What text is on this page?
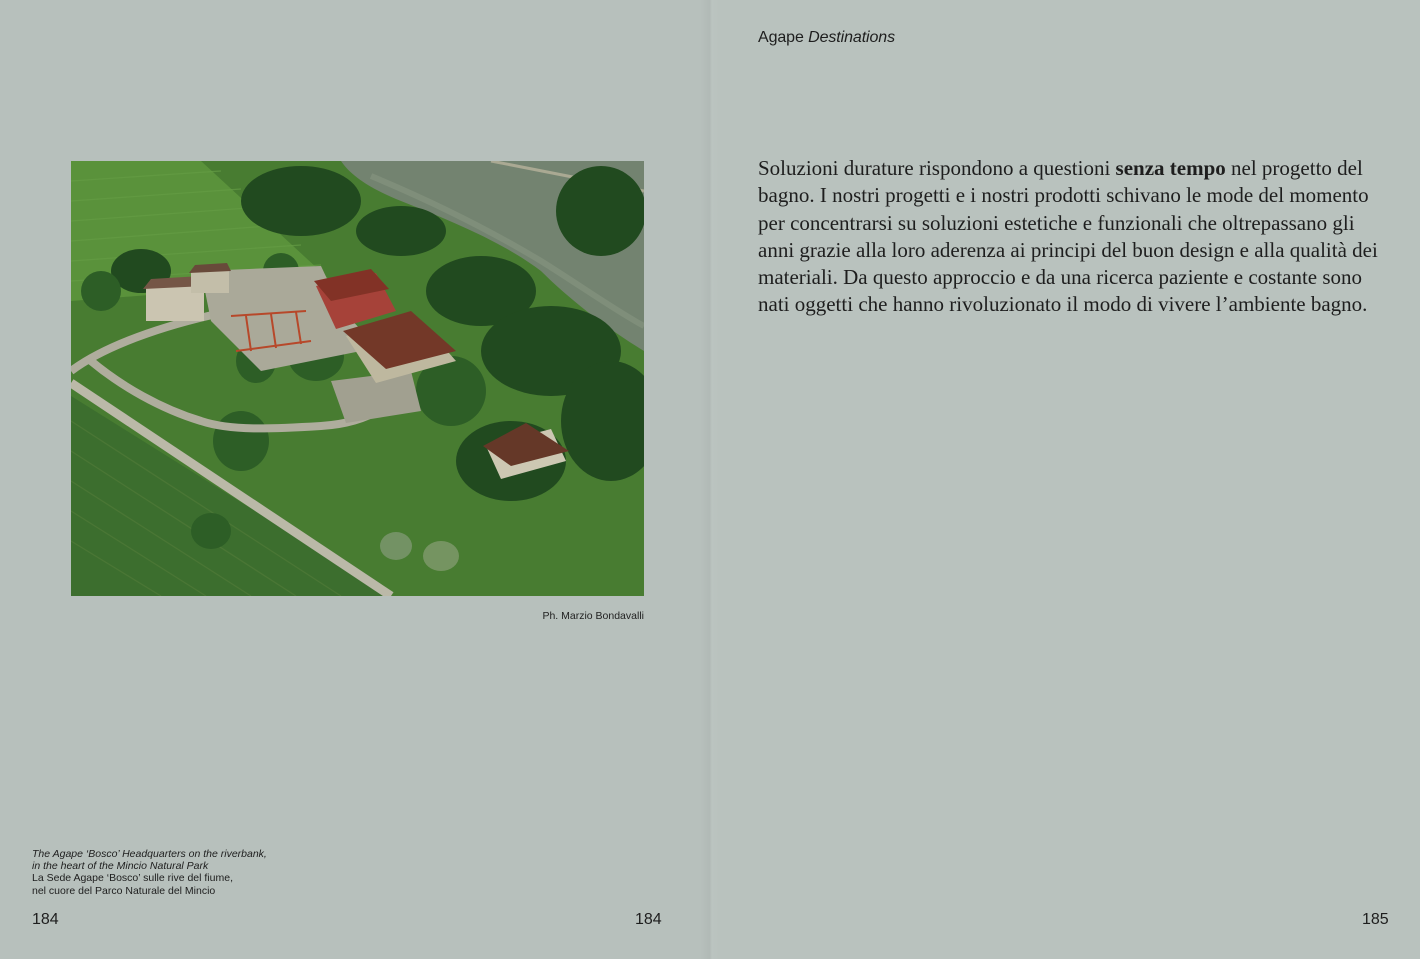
Agape Destinations
Ph. Marzio Bondavalli
Soluzioni durature rispondono a questioni senza tempo nel progetto del bagno. I nostri progetti e i nostri prodotti schivano le mode del momento per concentrarsi su soluzioni estetiche e funzionali che oltrepassano gli anni grazie alla loro aderenza ai principi del buon design e alla qualità dei materiali. Da questo approccio e da una ricerca paziente e costante sono nati oggetti che hanno rivoluzionato il modo di vivere l’ambiente bagno.
The Agape ‘Bosco’ Headquarters on the riverbank,
in the heart of the Mincio Natural Park
La Sede Agape ‘Bosco’ sulle rive del fiume,
nel cuore del Parco Naturale del Mincio
184	184	185
